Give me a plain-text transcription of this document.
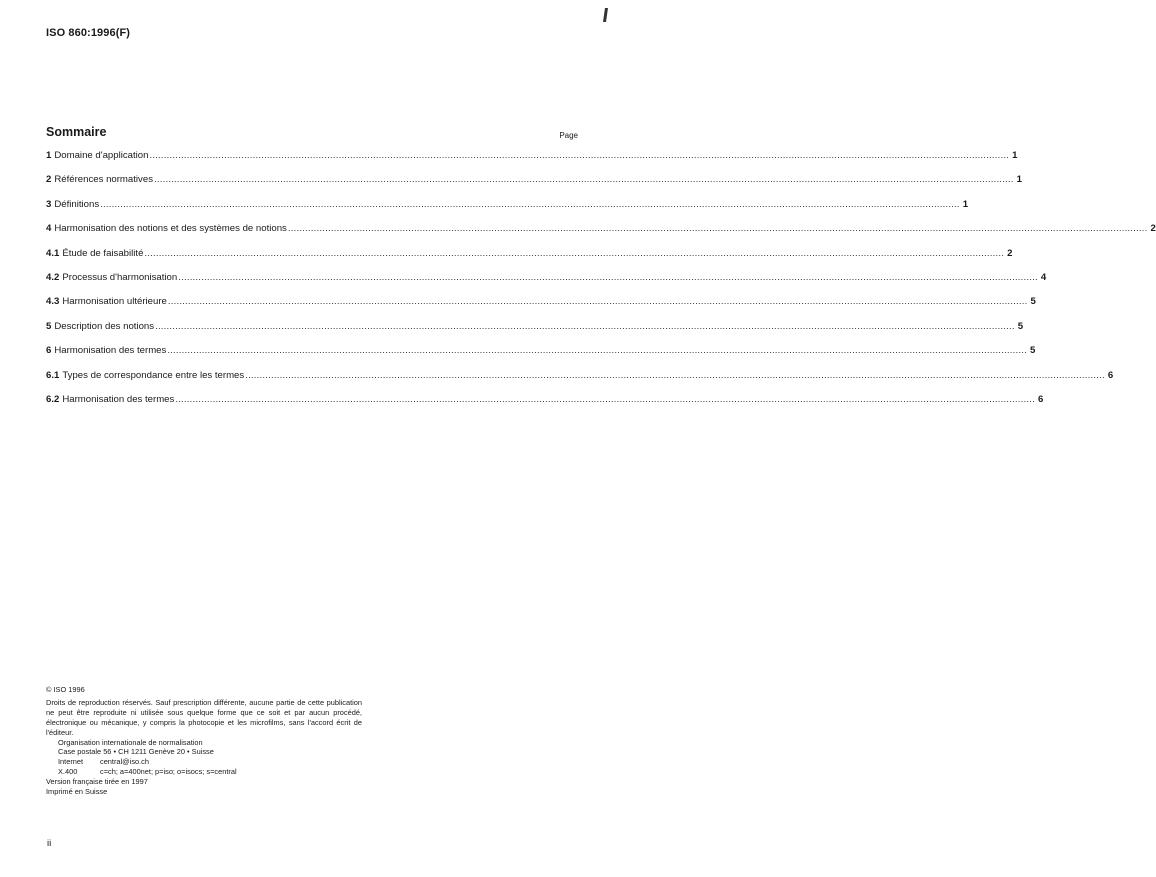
ISO 860:1996(F)
Sommaire	Page
1 Domaine d'application ............................................................................................................................................................................................................................................................................................................ 1
2 Références normatives ............................................................................................................................................................................................................................................................................................................ 1
3 Définitions ............................................................................................................................................................................................................................................................................................................ 1
4 Harmonisation des notions et des systèmes de notions ............................................................................................................................................................................................................................................................................................................ 2
4.1 Étude de faisabilité ............................................................................................................................................................................................................................................................................................................ 2
4.2 Processus d'harmonisation ............................................................................................................................................................................................................................................................................................................ 4
4.3 Harmonisation ultérieure ............................................................................................................................................................................................................................................................................................................ 5
5 Description des notions ............................................................................................................................................................................................................................................................................................................ 5
6 Harmonisation des termes ............................................................................................................................................................................................................................................................................................................ 5
6.1 Types de correspondance entre les termes ............................................................................................................................................................................................................................................................................................................ 6
6.2 Harmonisation des termes ............................................................................................................................................................................................................................................................................................................ 6
© ISO 1996
Droits de reproduction réservés. Sauf prescription différente, aucune partie de cette publication ne peut être reproduite ni utilisée sous quelque forme que ce soit et par aucun procédé, électronique ou mécanique, y compris la photocopie et les microfilms, sans l'accord écrit de l'éditeur.
Organisation internationale de normalisation
Case postale 56 • CH 1211 Genève 20 • Suisse
Internet	central@iso.ch
X.400	c=ch; a=400net; p=iso; o=isocs; s=central
Version française tirée en 1997
Imprimé en Suisse
ii
